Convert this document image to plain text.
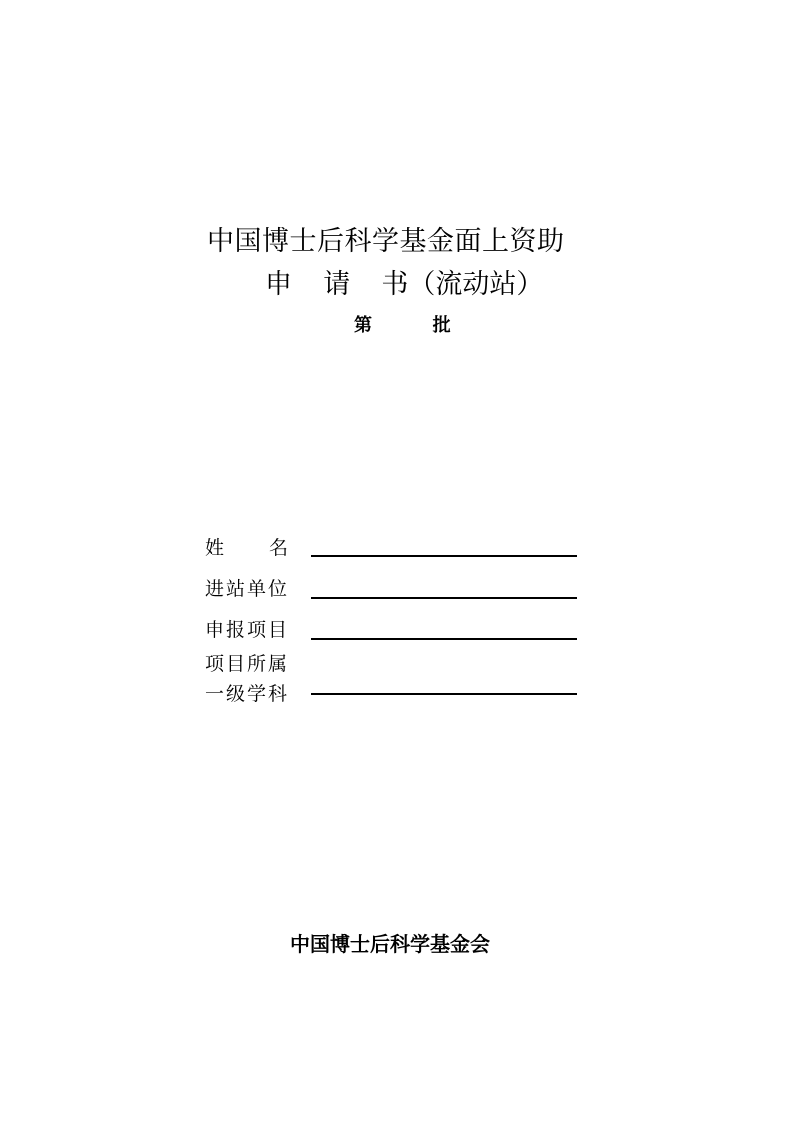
中国博士后科学基金面上资助
申 请 书（流动站）
第	批
姓 名
进站单位
申报项目
项目所属
一级学科
中国博士后科学基金会
